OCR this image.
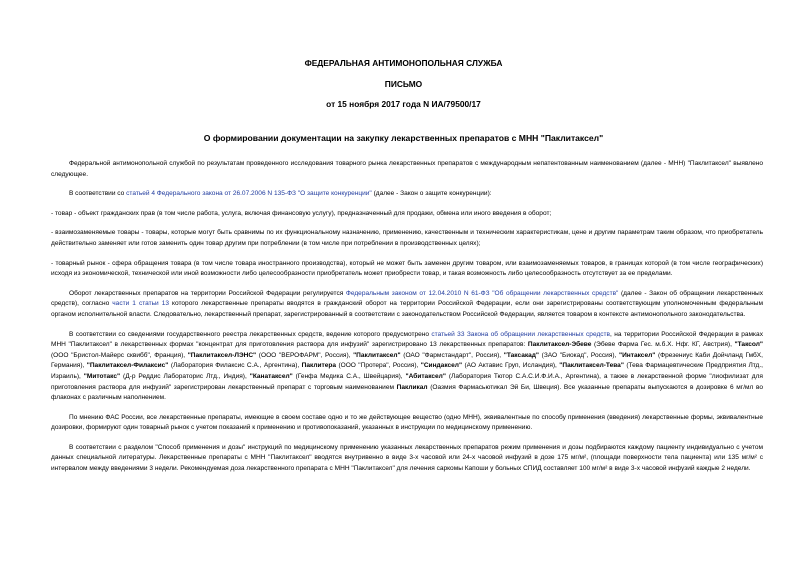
ФЕДЕРАЛЬНАЯ АНТИМОНОПОЛЬНАЯ СЛУЖБА
ПИСЬМО
от 15 ноября 2017 года N ИА/79500/17
О формировании документации на закупку лекарственных препаратов с МНН "Паклитаксел"

Федеральной антимонопольной службой по результатам проведенного исследования товарного рынка лекарственных препаратов с международным непатентованным наименованием (далее - МНН) "Паклитаксел" выявлено следующее.

В соответствии со статьей 4 Федерального закона от 26.07.2006 N 135-ФЗ "О защите конкуренции" (далее - Закон о защите конкуренции):

- товар - объект гражданских прав (в том числе работа, услуга, включая финансовую услугу), предназначенный для продажи, обмена или иного введения в оборот;

- взаимозаменяемые товары - товары, которые могут быть сравнимы по их функциональному назначению, применению, качественным и техническим характеристикам, цене и другим параметрам таким образом, что приобретатель действительно заменяет или готов заменить один товар другим при потреблении (в том числе при потреблении в производственных целях);

- товарный рынок - сфера обращения товара (в том числе товара иностранного производства), который не может быть заменен другим товаром, или взаимозаменяемых товаров, в границах которой (в том числе географических) исходя из экономической, технической или иной возможности либо целесообразности приобретатель может приобрести товар, и такая возможность либо целесообразность отсутствует за ее пределами.

Оборот лекарственных препаратов на территории Российской Федерации регулируется Федеральным законом от 12.04.2010 N 61-ФЗ "Об обращении лекарственных средств" (далее - Закон об обращении лекарственных средств), согласно части 1 статьи 13 которого лекарственные препараты вводятся в гражданский оборот на территории Российской Федерации, если они зарегистрированы соответствующим уполномоченным федеральным органом исполнительной власти. Следовательно, лекарственный препарат, зарегистрированный в соответствии с законодательством Российской Федерации, является товаром в контексте антимонопольного законодательства.

В соответствии со сведениями государственного реестра лекарственных средств, ведение которого предусмотрено статьей 33 Закона об обращении лекарственных средств, на территории Российской Федерации в рамках МНН "Паклитаксел" в лекарственных формах "концентрат для приготовления раствора для инфузий" зарегистрировано 13 лекарственных препаратов: Паклитаксел-Эбеве (Эбеве Фарма Гес. м.б.Х. Нфг. КГ, Австрия), "Таксол" (ООО "Бристол-Майерс сквибб", Франция), "Паклитаксел-ЛЭНС" (ООО "ВЕРОФАРМ", Россия), "Паклитаксел" (ОАО "Фармстандарт", Россия), "Таксакад" (ЗАО "Биокад", Россия), "Интаксел" (Фрезениус Каби Дойчланд ГмбХ, Германия), "Паклитаксел-Филаксис" (Лаборатория Филаксис С.А., Аргентина), Паклитера (ООО "Протера", Россия), "Синдаксел" (АО Актавис Груп, Исландия), "Паклитаксел-Тева" (Тева Фармацевтические Предприятия Лтд., Израиль), "Митотакс" (Д-р Реддис Лабораторис Лтд., Индия), "Канатаксел" (Генфа Медика С.А., Швейцария), "Абитаксел" (Лаборатория Тютор С.А.С.И.Ф.И.А., Аргентина), а также в лекарственной форме "лиофилизат для приготовления раствора для инфузий" зарегистрирован лекарственный препарат с торговым наименованием Пакликал (Оазмия Фармасьютикал Эй Би, Швеция). Все указанные препараты выпускаются в дозировке 6 мг/мл во флаконах с различным наполнением.

По мнению ФАС России, все лекарственные препараты, имеющие в своем составе одно и то же действующее вещество (одно МНН), эквивалентные по способу применения (введения) лекарственные формы, эквивалентные дозировки, формируют один товарный рынок с учетом показаний к применению и противопоказаний, указанных в инструкции по медицинскому применению.

В соответствии с разделом "Способ применения и дозы" инструкций по медицинскому применению указанных лекарственных препаратов режим применения и дозы подбираются каждому пациенту индивидуально с учетом данных специальной литературы. Лекарственные препараты с МНН "Паклитаксел" вводятся внутривенно в виде 3-х часовой или 24-х часовой инфузий в дозе 175 мг/м², (площади поверхности тела пациента) или 135 мг/м² с интервалом между введениями 3 недели. Рекомендуемая доза лекарственного препарата с МНН "Паклитаксел" для лечения саркомы Капоши у больных СПИД составляет 100 мг/м² в виде 3-х часовой инфузий каждые 2 недели.
